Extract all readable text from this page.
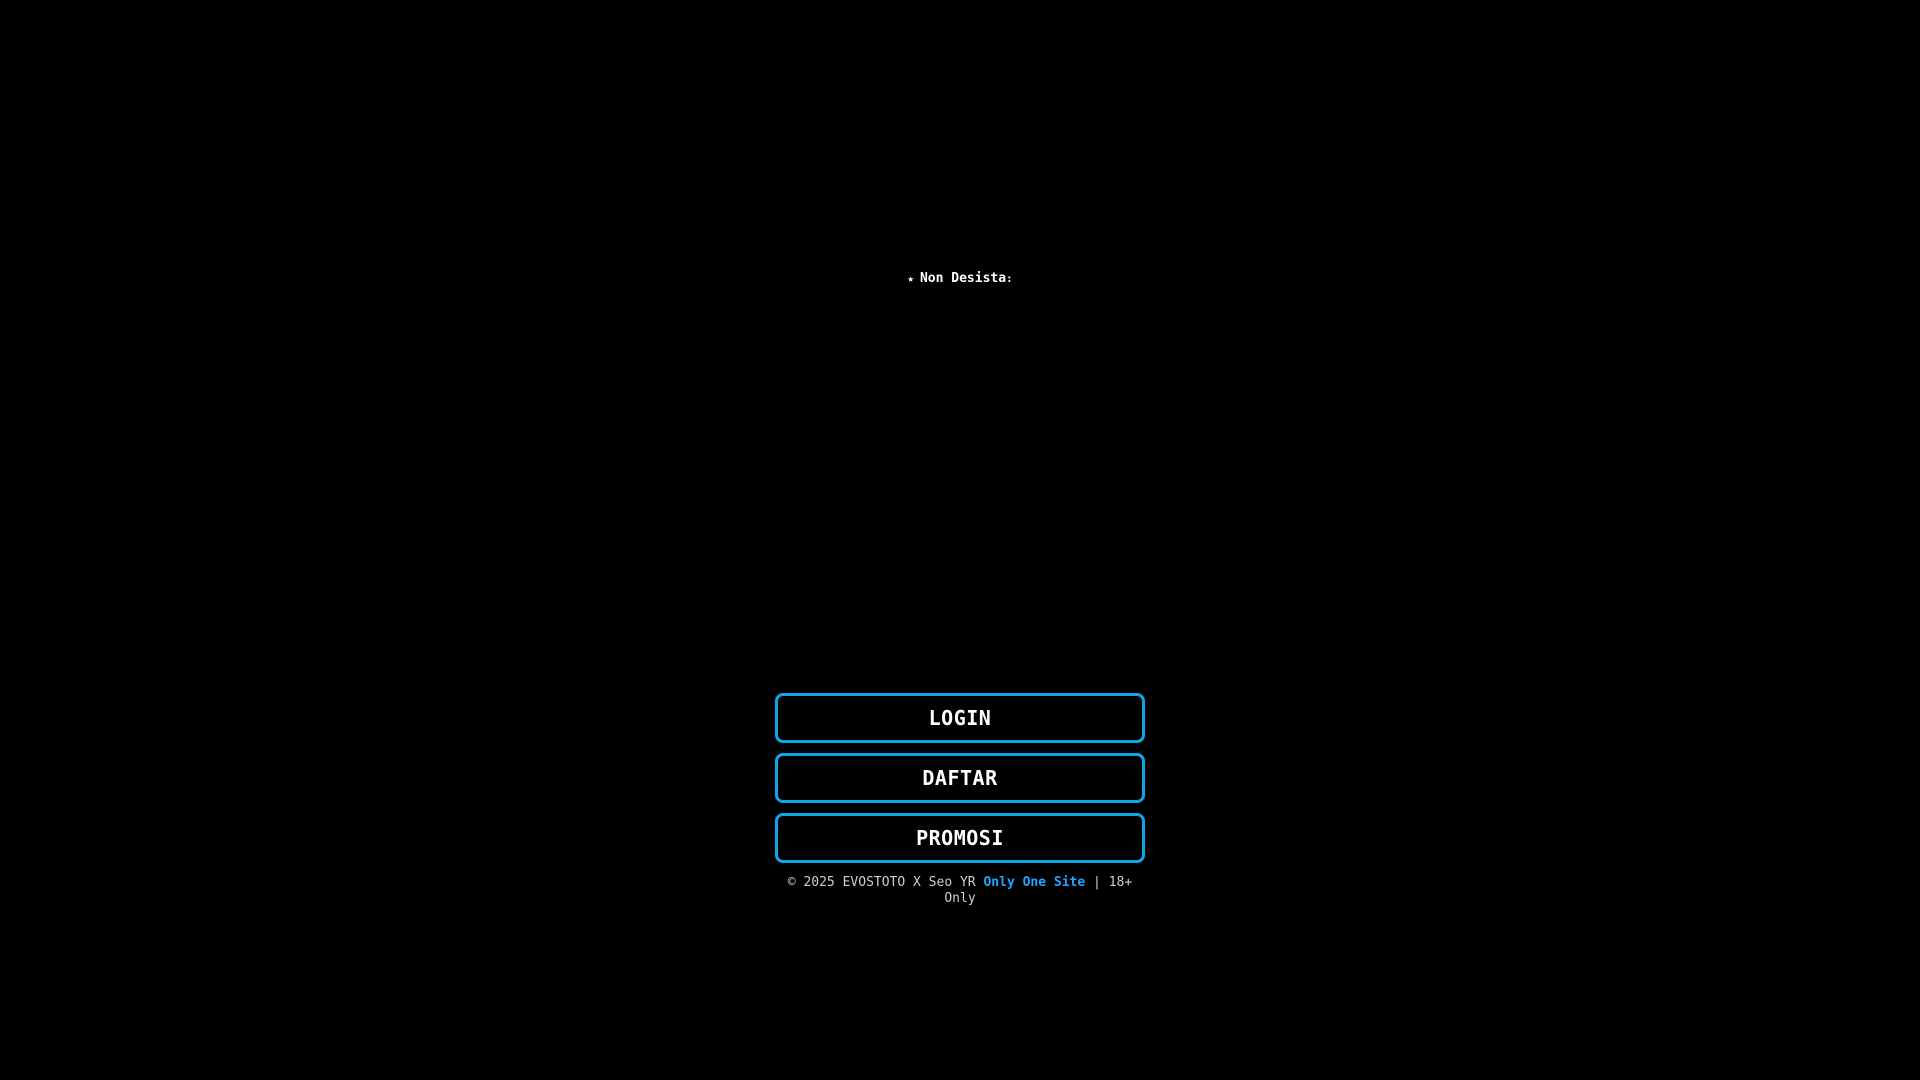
★ Non Desista:
LOGIN
DAFTAR
PROMOSI
© 2025 EVOSTOTO X Seo YR Only One Site | 18+ Only
